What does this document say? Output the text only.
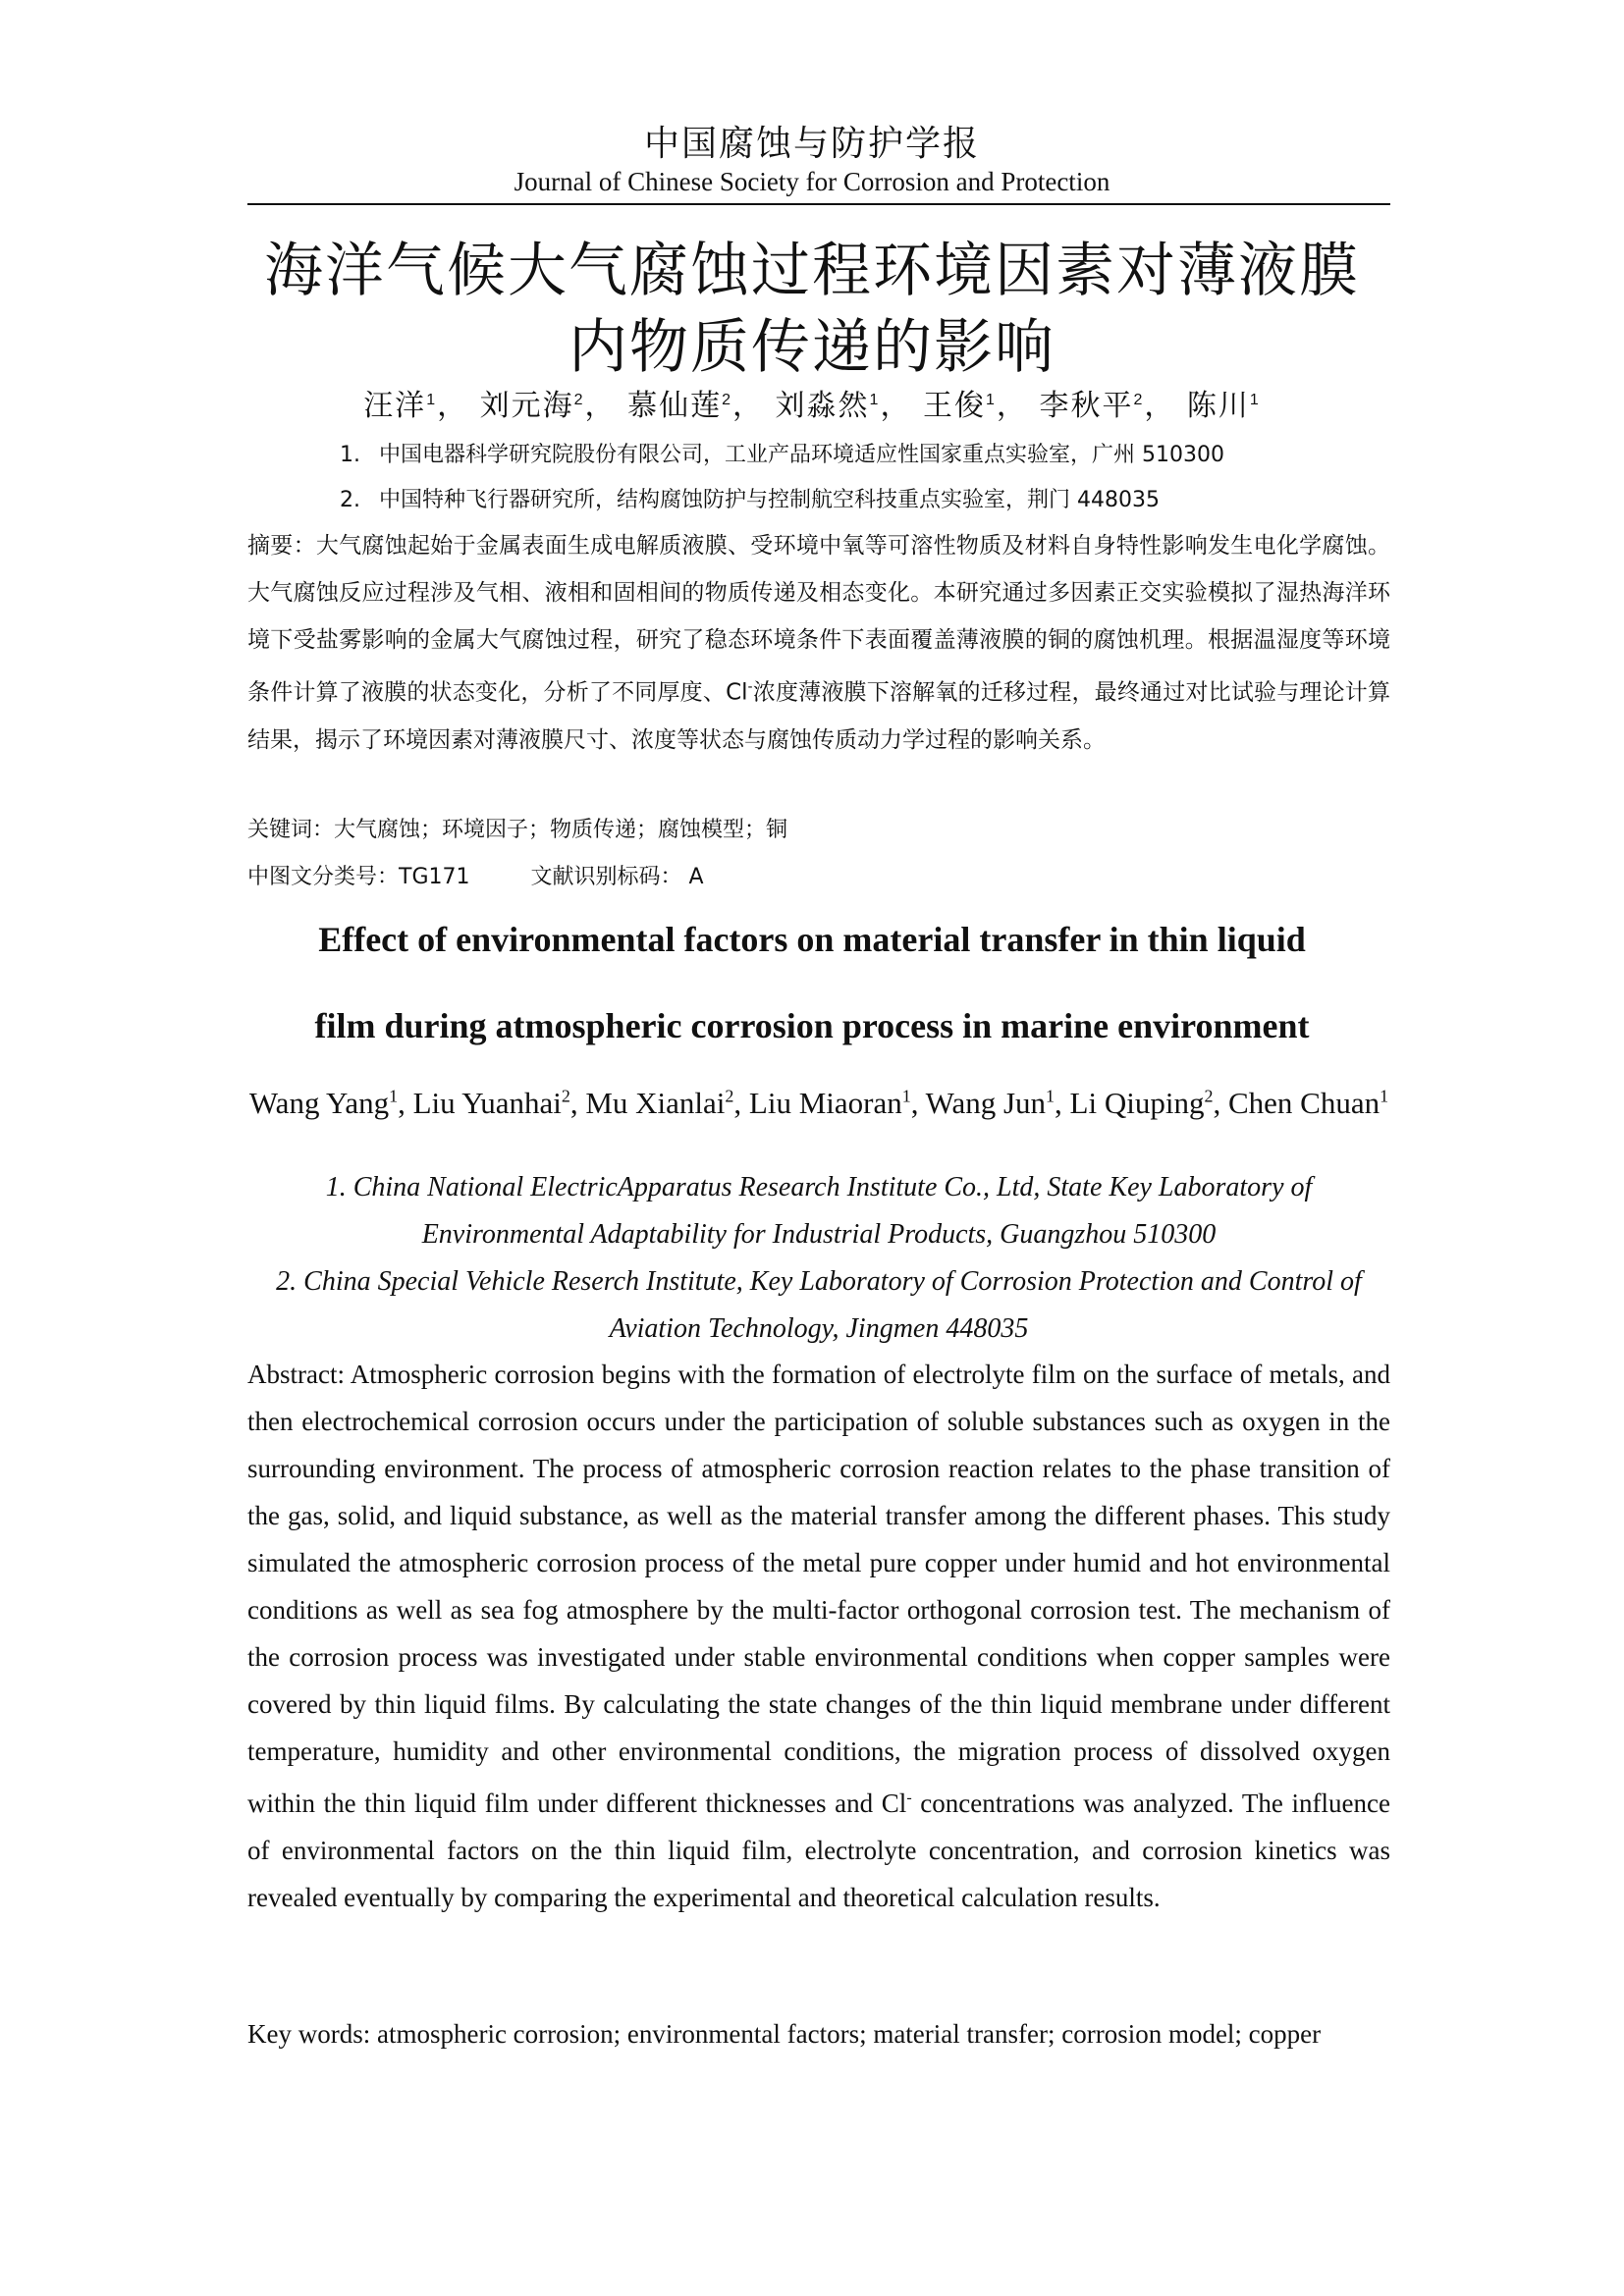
中国腐蚀与防护学报
Journal of Chinese Society for Corrosion and Protection
海洋气候大气腐蚀过程环境因素对薄液膜
内物质传递的影响
汪洋$^1$， 刘元海$^2$， 慕仙莲$^2$， 刘淼然$^1$， 王俊$^1$， 李秋平$^2$， 陈川$^1$
1. 中国电器科学研究院股份有限公司，工业产品环境适应性国家重点实验室，广州 510300
2. 中国特种飞行器研究所，结构腐蚀防护与控制航空科技重点实验室，荆门 448035
摘要：大气腐蚀起始于金属表面生成电解质液膜、受环境中氧等可溶性物质及材料自身特性影响发生电化学腐蚀。大气腐蚀反应过程涉及气相、液相和固相间的物质传递及相态变化。本研究通过多因素正交实验模拟了湿热海洋环境下受盐雾影响的金属大气腐蚀过程，研究了稳态环境条件下表面覆盖薄液膜的铜的腐蚀机理。根据温湿度等环境条件计算了液膜的状态变化，分析了不同厚度、Cl-浓度薄液膜下溶解氧的迁移过程，最终通过对比试验与理论计算结果，揭示了环境因素对薄液膜尺寸、浓度等状态与腐蚀传质动力学过程的影响关系。
关键词：大气腐蚀；环境因子；物质传递；腐蚀模型；铜
中图文分类号：TG171	文献识别标码： A
Effect of environmental factors on material transfer in thin liquid
film during atmospheric corrosion process in marine environment
Wang Yang$^1$, Liu Yuanhai$^2$, Mu Xianlai$^2$, Liu Miaoran$^1$, Wang Jun$^1$, Li Qiuping$^2$, Chen Chuan$^1$
1. China National ElectricApparatus Research Institute Co., Ltd, State Key Laboratory of Environmental Adaptability for Industrial Products, Guangzhou 510300
2. China Special Vehicle Reserch Institute, Key Laboratory of Corrosion Protection and Control of Aviation Technology, Jingmen 448035
Abstract: Atmospheric corrosion begins with the formation of electrolyte film on the surface of metals, and then electrochemical corrosion occurs under the participation of soluble substances such as oxygen in the surrounding environment. The process of atmospheric corrosion reaction relates to the phase transition of the gas, solid, and liquid substance, as well as the material transfer among the different phases. This study simulated the atmospheric corrosion process of the metal pure copper under humid and hot environmental conditions as well as sea fog atmosphere by the multi-factor orthogonal corrosion test. The mechanism of the corrosion process was investigated under stable environmental conditions when copper samples were covered by thin liquid films. By calculating the state changes of the thin liquid membrane under different temperature, humidity and other environmental conditions, the migration process of dissolved oxygen within the thin liquid film under different thicknesses and Cl- concentrations was analyzed. The influence of environmental factors on the thin liquid film, electrolyte concentration, and corrosion kinetics was revealed eventually by comparing the experimental and theoretical calculation results.
Key words: atmospheric corrosion; environmental factors; material transfer; corrosion model; copper
